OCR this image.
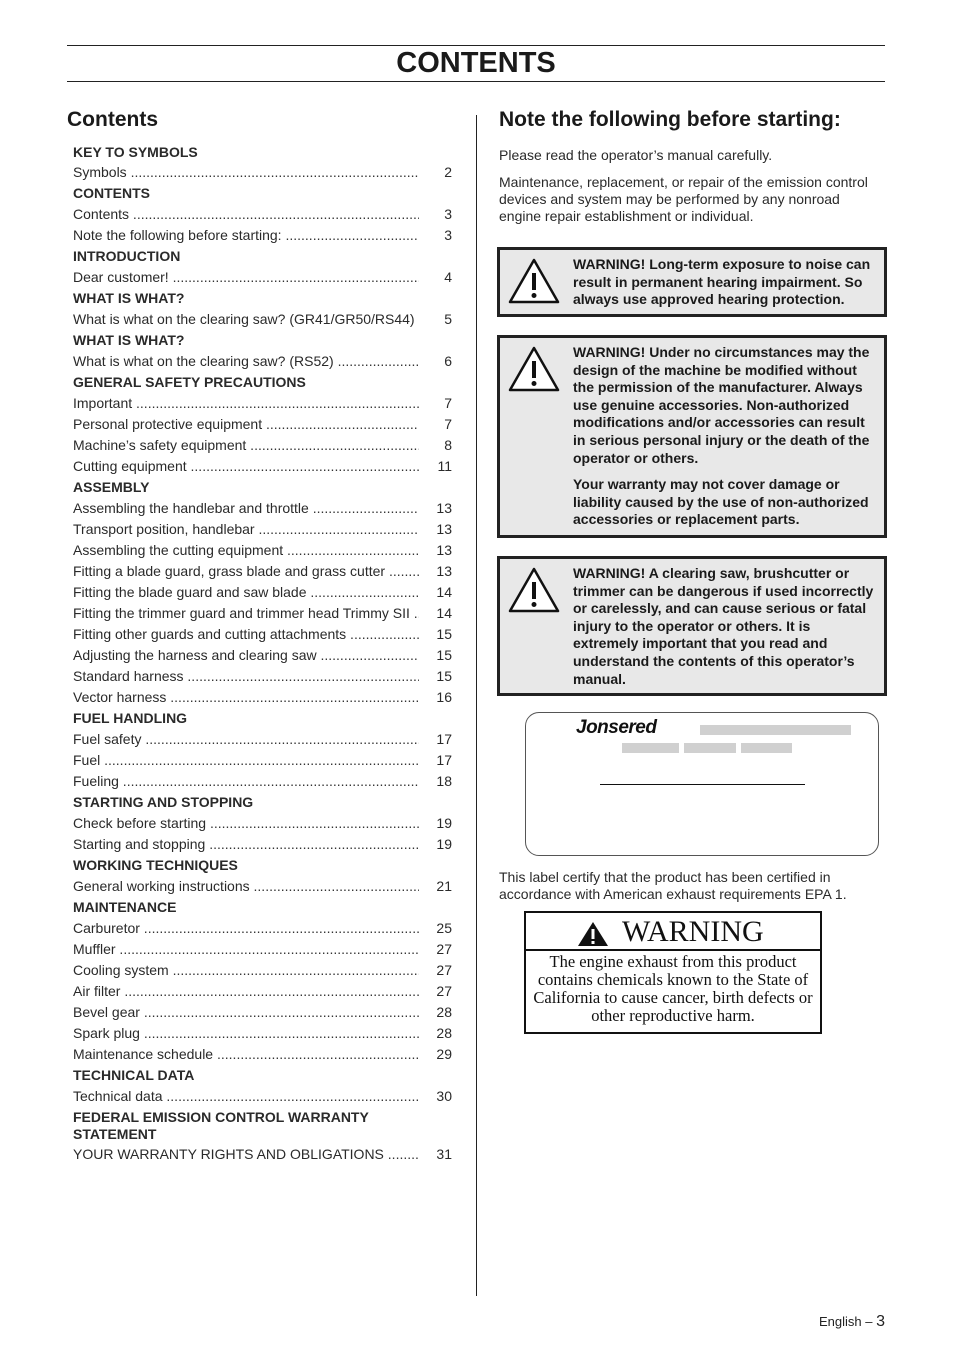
CONTENTS
Contents
KEY TO SYMBOLS
Symbols .....	2
CONTENTS
Contents .....	3
Note the following before starting: .....	3
INTRODUCTION
Dear customer! .....	4
WHAT IS WHAT?
What is what on the clearing saw? (GR41/GR50/RS44) .....	5
WHAT IS WHAT?
What is what on the clearing saw? (RS52) .....	6
GENERAL SAFETY PRECAUTIONS
Important .....	7
Personal protective equipment .....	7
Machine’s safety equipment .....	8
Cutting equipment .....	11
ASSEMBLY
Assembling the handlebar and throttle .....	13
Transport position, handlebar .....	13
Assembling the cutting equipment .....	13
Fitting a blade guard, grass blade and grass cutter .....	13
Fitting the blade guard and saw blade .....	14
Fitting the trimmer guard and trimmer head Trimmy SII .....	14
Fitting other guards and cutting attachments .....	15
Adjusting the harness and clearing saw .....	15
Standard harness .....	15
Vector harness .....	16
FUEL HANDLING
Fuel safety .....	17
Fuel .....	17
Fueling .....	18
STARTING AND STOPPING
Check before starting .....	19
Starting and stopping .....	19
WORKING TECHNIQUES
General working instructions .....	21
MAINTENANCE
Carburetor .....	25
Muffler .....	27
Cooling system .....	27
Air filter .....	27
Bevel gear .....	28
Spark plug .....	28
Maintenance schedule .....	29
TECHNICAL DATA
Technical data .....	30
FEDERAL EMISSION CONTROL WARRANTY STATEMENT
YOUR WARRANTY RIGHTS AND OBLIGATIONS .....	31
Note the following before starting:

Please read the operator’s manual carefully.

Maintenance, replacement, or repair of the emission control devices and system may be performed by any nonroad engine repair establishment or individual.

WARNING! Long-term exposure to noise can result in permanent hearing impairment. So always use approved hearing protection.

WARNING! Under no circumstances may the design of the machine be modified without the permission of the manufacturer. Always use genuine accessories. Non-authorized modifications and/or accessories can result in serious personal injury or the death of the operator or others.

Your warranty may not cover damage or liability caused by the use of non-authorized accessories or replacement parts.

WARNING! A clearing saw, brushcutter or trimmer can be dangerous if used incorrectly or carelessly, and can cause serious or fatal injury to the operator or others. It is extremely important that you read and understand the contents of this operator’s manual.

Jonsered

This label certify that the product has been certified in accordance with American exhaust requirements EPA 1.

WARNING
The engine exhaust from this product contains chemicals known to the State of California to cause cancer, birth defects or other reproductive harm.
English – 3
